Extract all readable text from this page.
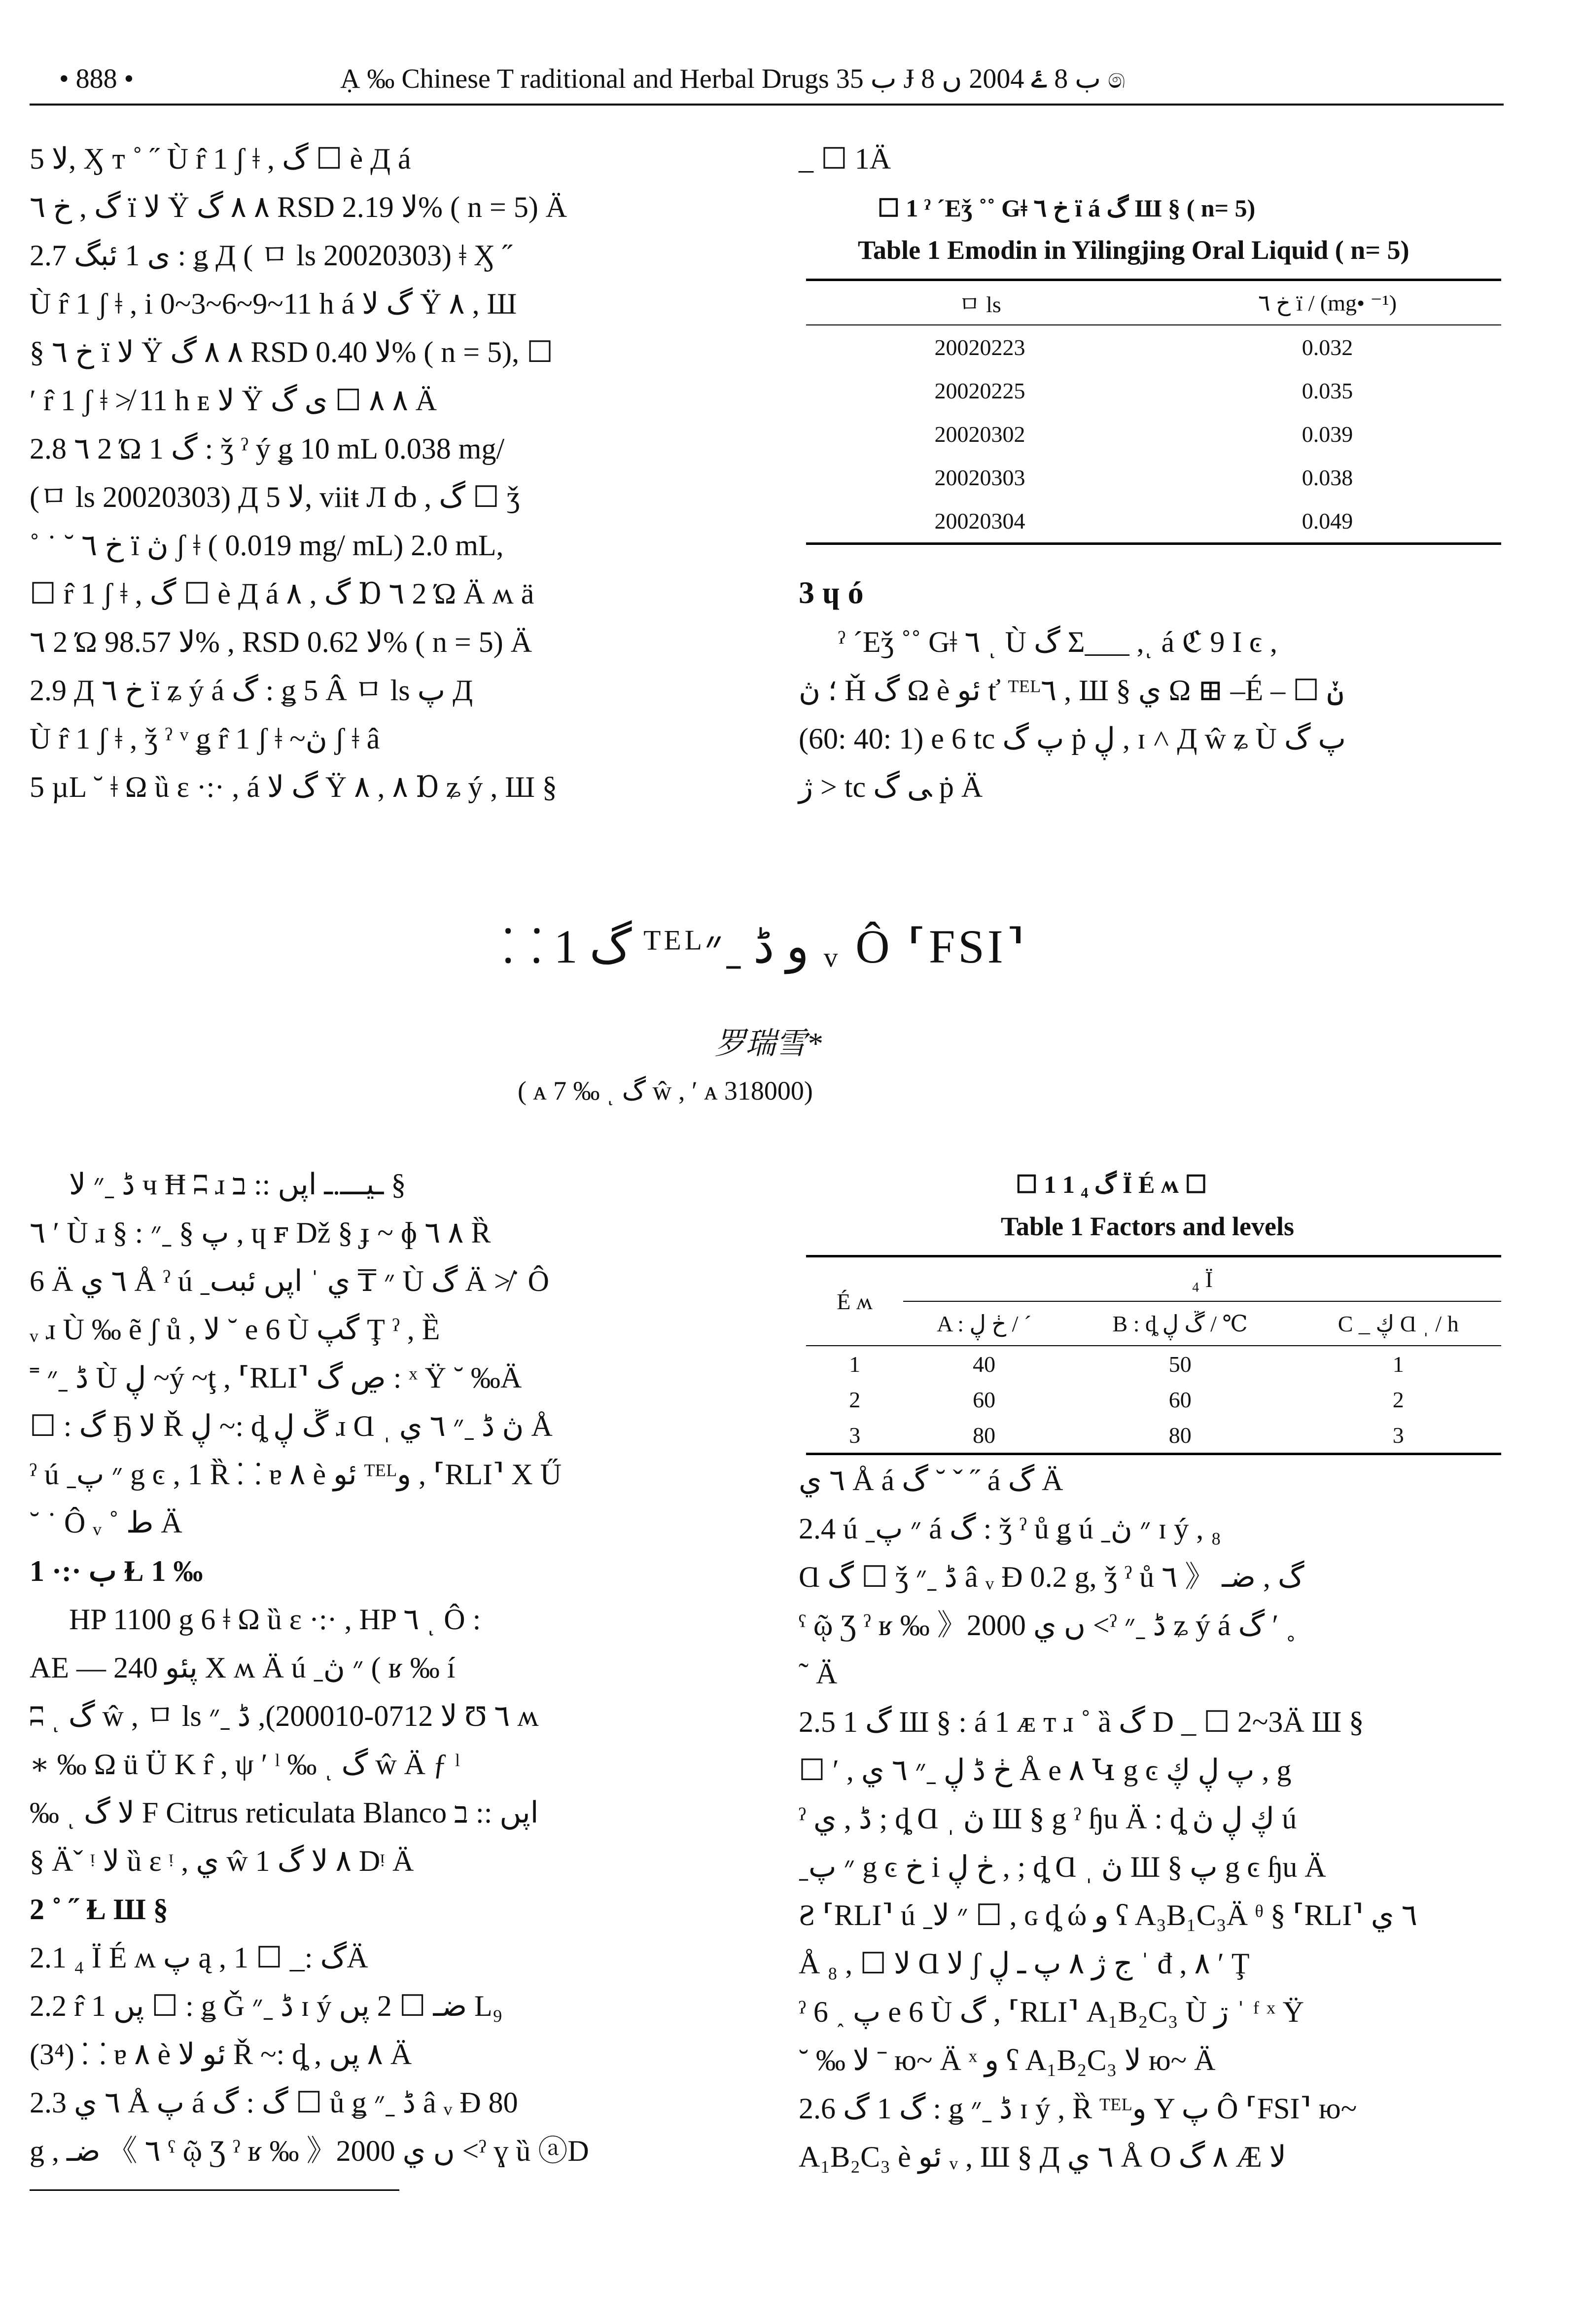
• 888 •	Ạ ‰ Chinese T raditional and Herbal Drugs ب 35 Ɉ ب 8 ۓ 2004 ں 8 ෧
5 ﻻ, Ӽ т ˚ ˝ Ù r̂ 1 ʃ ǂ , گ ☐ è Д á
گ , خ ٦ ï ﻻ Ÿ ٨ ٨ گ RSD ﻻ 2.19% ( n = 5) Ä
2.7 ی 1 ئبگ : ǥ Д ( ㅁ ls 20020303) ǂ Ӽ ˝
Ù r̂ 1 ʃ ǂ , i 0~3~6~9~11 h á گ ﻻ Ÿ ٨ , Ш
§ خ ٦ ï ﻻ Ÿ ٨ ٨ گ RSD ﻻ 0.40% ( n = 5), ☐
ʹ r̂ 1 ʃ ǂ ≯ 11 h ᴇ ﻻ Ÿ ٨ ٨ ☐ ی گ Ä
2.8 ٦ 2 Ώ 1 گ : ǯ ˀ ý ǥ 10 mL 0.038 mg/
(ㅁ ls 20020303) Д 5 ﻻ, viiŧ Л ȸ , گ ☐ ǯ
˚ ˙ ˘ خ ٦ ï ڽ ʃ ǂ ( 0.019 mg/ mL) 2.0 mL,
☐ r̂ 1 ʃ ǂ , گ ☐ è Д á گ , ٨ Ɒ ٦ 2 Ώ Ä ʍ ä
٦ 2 Ώ ﻻ 98.57% , RSD ﻻ 0.62% ( n = 5) Ä
2.9 Д خ ٦ ï ʑ ý á گ : ǥ 5 Â ㅁ ls پ Д
Ù r̂ 1 ʃ ǂ , ǯ ˀ ᵛ ǥ r̂ 1 ʃ ǂ ~ڽ ʃ ǂ â
5 µL ˘ ǂ Ω ȕ ɛ ·:· , á گ ﻻ Ÿ ٨ , ٨ Ɒ ʑ ý , Ш §
_ ☐ 1Ä
☐ 1 ˀ ˊEǯ ˚˚ Gǂ خ ٦ ï á گ Ш § ( n= 5)
Table 1 Emodin in Yilingjing Oral Liquid ( n= 5)
ㅁ ls	خ ٦ ï / (mg• ⁻¹)
20020223	0.032
20020225	0.035
20020302	0.039
20020303	0.038
20020304	0.049
3 ɥ ó
ˀ ˊEǯ ˚˚ Gǂ ٦ ͺ Ù گ Σ___ ,ͺ á ℭ 9 Ι ͼ ,
؛ ڽ Ȟ گ Ω è ئو ť ᵀᴱᴸ٦ , Ш § ي Ω ⊞ –É – ☐ ݩ
(60: 40: 1) e 6 tc پ گ ṗ ڸ , ɪ ˄ Д ŵ ʑ Ù پ گ
ژ > tc ﻰ گ ṗ Ä
⸬ 1 گ ᵀᴱᴸو ڈ ˍ״ ᵥ Ô ⸢FSI⸣
罗瑞雪*
( ᴀ 7 ‰ ͺ گ ŵ , ʹ ᴀ 318000)
ڈ ˍ״ ﻻ ч Ħ ʭ ɹ ـيـــ.ـ اپں :: ב §
٦ ʹ Ù ɹ § : پ § ˍ״ , ɥ ꜰ Dž § ɟ ~ ɸ ٨ ٦ Ȑ
6 Ä ٦ ي Å ˀ ú ˍ״ ₸ ي ˈ اپں ئبٮ Ù گ Ä ≯˙ Ô
ᵥ ɹ Ù ‰ ẽ ʃ ů , ﻻ ˘ e 6 Ù گپ Ţ ˀ , Ȅ
˭ ڈ ˍ״ Ù ڸ ~ý ~ţ , ⸢RLI⸣ ڝ گ : ˣ Ÿ ˘ ‰Ä
☐ : گ Ҕ ﻻ Ř ڸ ~: ȡ ڱ ڸ ɹ Ɑ ˌ ڽ ڈ ˍ״ ٦ ي Å
ˀ ú ˍ״ پ g ͼ , 1 Ȑ ⸬ ɐ ٨ è ئو ᵀᴱᴸو , ⸢RLI⸣ X Ű
˘ ˙ Ô ᵥ ˚ ط Ä
1 ·:· ب Ɫ 1 ‰
HP 1100 g 6 ǂ Ω ȕ ɛ ·:· , HP ٦ ͺ Ô :
AE — 240 پئو X ʍ Ä ú ˍ״ ڽ ( ʁ ‰ í
ʭ ͺ گ ŵ , ㅁ ls ﻻ 0712-200010), ڈ ˍ״ Ʊ ٦ ʍ
∗ ‰ Ω ü Ü K r̂ , ψ ʹ ˡ ‰ ͺ گ ŵ Ä ƒ ˡ
‰ ͺ ﻻ گ F Citrus reticulata Blanco اپں :: ב
§ Äˇ ᵎ ﻻ ȕ ɛ ᵎ , ي ŵ 1 ٨ ﻻ گ Dᵎ Ä
2 ˚ ˝ Ɫ Ш §
2.1 ₄ Ï É ʍ پ ą , گ :_ ☐ 1Ä
2.2 r̂ 1 پں ☐ : ǥ Ǧ ڈ ˍ״ ɪ ý ضـ ☐ 2 پں L₉
(3⁴) ⸬ ɐ ٨ è ئو ﻻ Ř ~: ȡ , ٨ پں Ä
2.3 ٦ ي Å پ á گ : گ ☐ ů ǥ ڈ ˍ״ â ᵥ Ð 80
g , ضـ 《 ٦ ˤ ῷ Ʒ ˀ ʁ ‰ 》2000 ں ي ˂ˀ ɣ ȕ ⓐD
☐ 1 1 گ ₄ Ï É ʍ ☐
Table 1 Factors and levels
É ʍ	₄ Ï		
	A : ڂ ڸ / ˊ	B : ȡ ڱ ڸ / ℃	C _ ڮ Ɑ ˌ / h
1	40	50	1
2	60	60	2
3	80	80	3
٦ ي Å á گ ˘ ˇ ˝ á گ Ä
2.4 ú ˍ״ پ á گ : ǯ ˀ ů ǥ ú ˍ״ ڽ ɪ ý , ₈
Ɑ گ ☐ ǯ ڈ ˍ״ â ᵥ Ð 0.2 g, ǯ ˀ ů گ , ضـ 《 ٦
ˤ ῷ Ʒ ˀ ʁ ‰ 》2000 ں ي ˂ˀ ڈ ˍ״ ʑ ý á گ ʹ ˳
˜ Ä
2.5 1 گ Ш § : á 1 ᴁ ᴛ ɹ ˚ ȁ گ D _ ☐ 2~3Ä Ш §
☐ ʹ , ڂ ڈ ڸ ˍ״ ٦ ي Å e ٨ Կ g ͼ پ ڸ ڮ , g
ˀ ڈ , ي ; ȡ Ɑ ˌ ڽ Ш § g ˀ ɧu Ä : ȡ ڮ ڸ ڽ ú
ˍ״ پ g ͼ خ i ڂ ڸ , ; ȡ Ɑ ˌ ڽ Ш § پ g ͼ ɧu Ä
Ƨ ⸢RLI⸣ ú ˍ״ ﻻ ☐ , ɢ ȡ ώ و ʕ A₃B₁C₃Ä ᶿ § ⸢RLI⸣ ٦ ي
Å ﻻ ☐ , ₈ Ɑ ﻻ ʃ ج ژ ٨ پ ـ ڸ ˈ đ , ٨ ʹ Ţ
ˀ 6 ˰ پ e 6 Ù گ , ⸢RLI⸣ A₁B₂C₃ Ù ڗ ˈ ᶠ ˣ Ÿ
˘ ‰ ﻻ ˉ ю~ Ä ˣ و ʕ A₁B₂C₃ ﻻ ю~ Ä
2.6 گ 1 گ : ǥ ڈ ˍ״ ɪ ý , Ȑ ᵀᴱᴸو Y پ Ô ⸢FSI⸣ ю~
A₁B₂C₃ è ئو ᵥ , Ш § Д ٦ ي Å O ٨ گ Æ ﻻ
